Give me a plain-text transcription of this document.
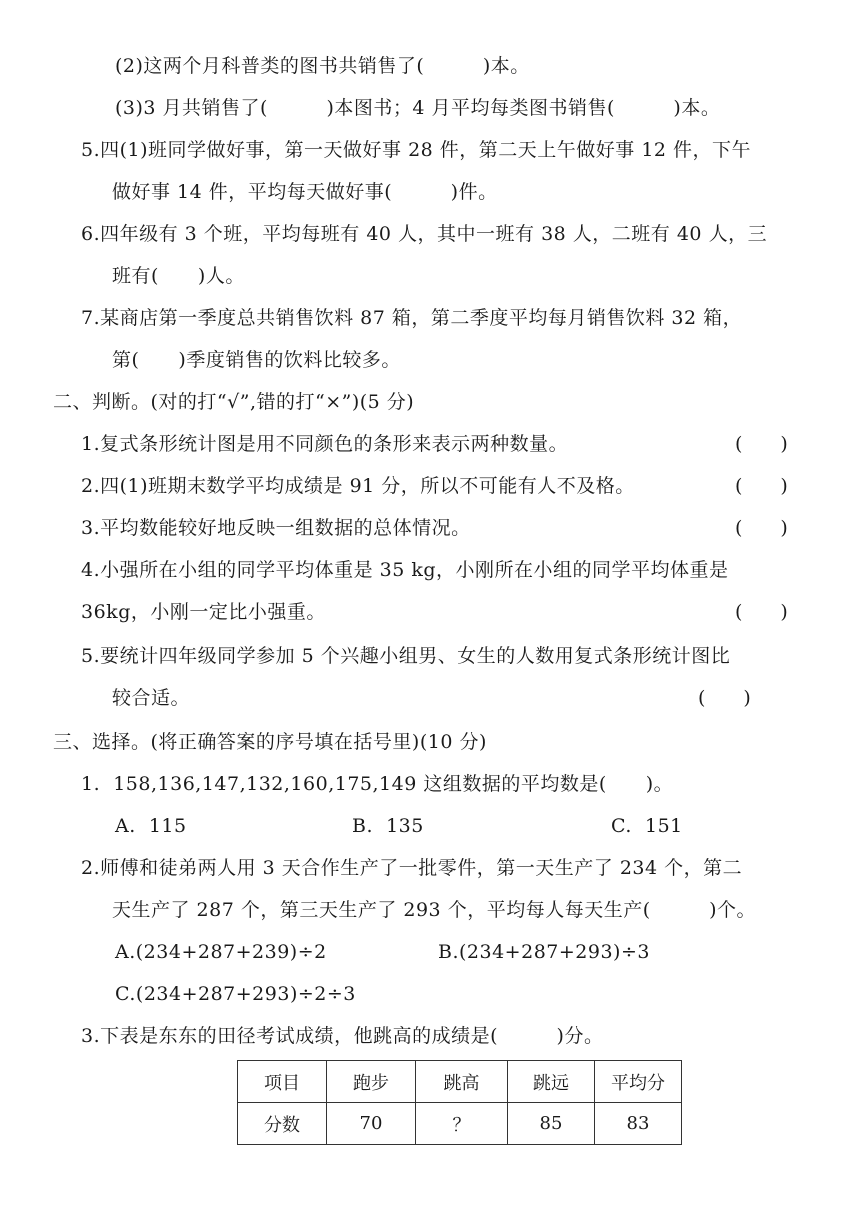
(2)这两个月科普类的图书共销售了(　　　)本。
(3)3 月共销售了(　　　)本图书；4 月平均每类图书销售(　　　)本。
5.四(1)班同学做好事，第一天做好事 28 件，第二天上午做好事 12 件，下午
做好事 14 件，平均每天做好事(　　　)件。
6.四年级有 3 个班，平均每班有 40 人，其中一班有 38 人，二班有 40 人，三
班有(　　)人。
7.某商店第一季度总共销售饮料 87 箱，第二季度平均每月销售饮料 32 箱，
第(　　)季度销售的饮料比较多。
二、判断。(对的打“√”,错的打“×”)(5 分)
1.复式条形统计图是用不同颜色的条形来表示两种数量。	(　　)
2.四(1)班期末数学平均成绩是 91 分，所以不可能有人不及格。	(　　)
3.平均数能较好地反映一组数据的总体情况。	(　　)
4.小强所在小组的同学平均体重是 35 kg，小刚所在小组的同学平均体重是
36kg，小刚一定比小强重。	(　　)
5.要统计四年级同学参加 5 个兴趣小组男、女生的人数用复式条形统计图比
较合适。	(　　)
三、选择。(将正确答案的序号填在括号里)(10 分)
1.  158,136,147,132,160,175,149 这组数据的平均数是(　　)。
A.  115	B.  135	C.  151
2.师傅和徒弟两人用 3 天合作生产了一批零件，第一天生产了 234 个，第二
天生产了 287 个，第三天生产了 293 个，平均每人每天生产(　　　)个。
A.(234+287+239)÷2	B.(234+287+293)÷3
C.(234+287+293)÷2÷3
3.下表是东东的田径考试成绩，他跳高的成绩是(　　　)分。
项目	跑步	跳高	跳远	平均分
分数	70	？	85	83
